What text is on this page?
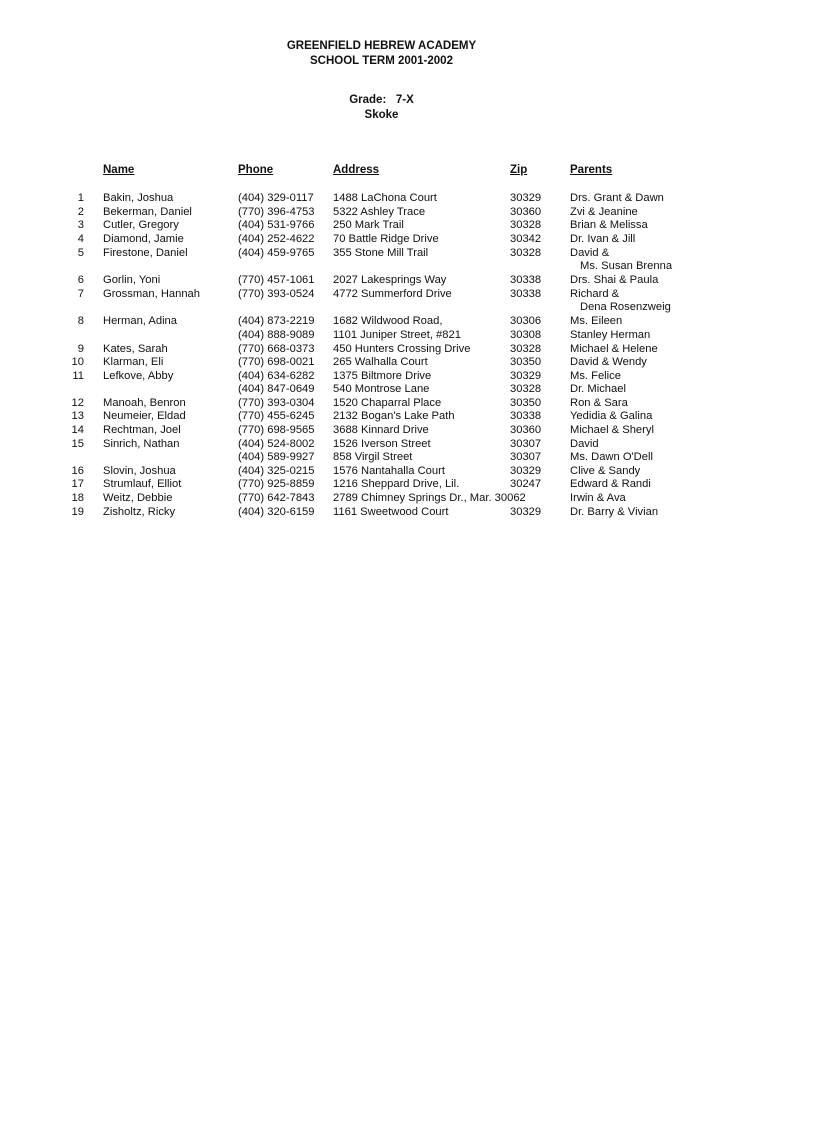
GREENFIELD HEBREW ACADEMY
SCHOOL TERM 2001-2002
Grade:   7-X
Skoke
Name	Phone	Address	Zip	Parents
1 Bakin, Joshua	(404) 329-0117 1488 LaChona Court	30329	Drs. Grant & Dawn
2 Bekerman, Daniel	(770) 396-4753 5322 Ashley Trace	30360	Zvi & Jeanine
3 Cutler, Gregory	(404) 531-9766 250 Mark Trail	30328	Brian & Melissa
4 Diamond, Jamie	(404) 252-4622 70 Battle Ridge Drive	30342	Dr. Ivan & Jill
5 Firestone, Daniel	(404) 459-9765 355 Stone Mill Trail	30328	David &
Ms. Susan Brenna
6 Gorlin, Yoni	(770) 457-1061 2027 Lakesprings Way	30338	Drs. Shai & Paula
7 Grossman, Hannah	(770) 393-0524 4772 Summerford Drive	30338	Richard &
Dena Rosenzweig
8 Herman, Adina	(404) 873-2219 1682 Wildwood Road,	30306	Ms. Eileen
(404) 888-9089 1101 Juniper Street, #821	30308	Stanley Herman
9 Kates, Sarah	(770) 668-0373 450 Hunters Crossing Drive	30328	Michael & Helene
10 Klarman, Eli	(770) 698-0021 265 Walhalla Court	30350	David & Wendy
11 Lefkove, Abby	(404) 634-6282 1375 Biltmore Drive	30329	Ms. Felice
(404) 847-0649 540 Montrose Lane	30328	Dr. Michael
12 Manoah, Benron	(770) 393-0304 1520 Chaparral Place	30350	Ron & Sara
13 Neumeier, Eldad	(770) 455-6245 2132 Bogan's Lake Path	30338	Yedidia & Galina
14 Rechtman, Joel	(770) 698-9565 3688 Kinnard Drive	30360	Michael & Sheryl
15 Sinrich, Nathan	(404) 524-8002 1526 Iverson Street	30307	David
(404) 589-9927 858 Virgil Street	30307	Ms. Dawn O'Dell
16 Slovin, Joshua	(404) 325-0215 1576 Nantahalla Court	30329	Clive & Sandy
17 Strumlauf, Elliot	(770) 925-8859 1216 Sheppard Drive, Lil.	30247	Edward & Randi
18 Weitz, Debbie	(770) 642-7843 2789 Chimney Springs Dr., Mar. 30062	Irwin & Ava
19 Zisholtz, Ricky	(404) 320-6159 1161 Sweetwood Court	30329	Dr. Barry & Vivian
